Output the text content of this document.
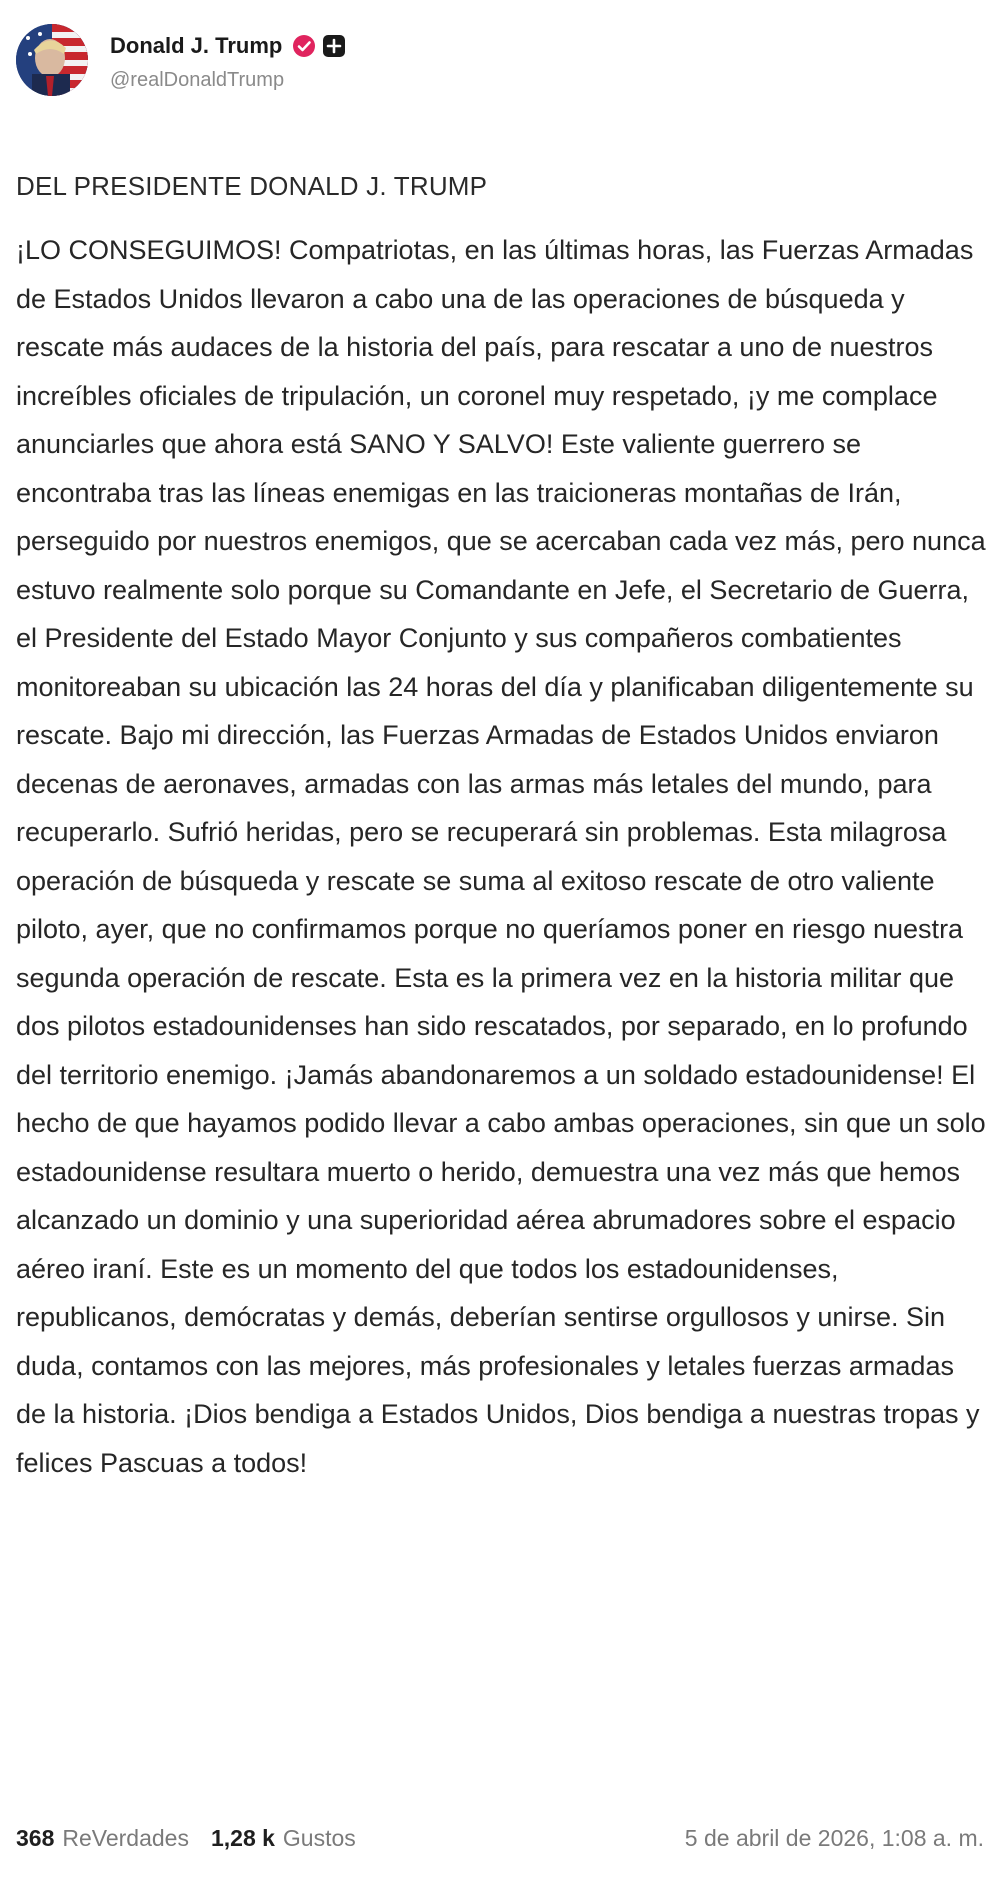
Donald J. Trump
@realDonaldTrump
DEL PRESIDENTE DONALD J. TRUMP
¡LO CONSEGUIMOS! Compatriotas, en las últimas horas, las Fuerzas Armadas de Estados Unidos llevaron a cabo una de las operaciones de búsqueda y rescate más audaces de la historia del país, para rescatar a uno de nuestros increíbles oficiales de tripulación, un coronel muy respetado, ¡y me complace anunciarles que ahora está SANO Y SALVO! Este valiente guerrero se encontraba tras las líneas enemigas en las traicioneras montañas de Irán, perseguido por nuestros enemigos, que se acercaban cada vez más, pero nunca estuvo realmente solo porque su Comandante en Jefe, el Secretario de Guerra, el Presidente del Estado Mayor Conjunto y sus compañeros combatientes monitoreaban su ubicación las 24 horas del día y planificaban diligentemente su rescate. Bajo mi dirección, las Fuerzas Armadas de Estados Unidos enviaron decenas de aeronaves, armadas con las armas más letales del mundo, para recuperarlo. Sufrió heridas, pero se recuperará sin problemas. Esta milagrosa operación de búsqueda y rescate se suma al exitoso rescate de otro valiente piloto, ayer, que no confirmamos porque no queríamos poner en riesgo nuestra segunda operación de rescate. Esta es la primera vez en la historia militar que dos pilotos estadounidenses han sido rescatados, por separado, en lo profundo del territorio enemigo. ¡Jamás abandonaremos a un soldado estadounidense! El hecho de que hayamos podido llevar a cabo ambas operaciones, sin que un solo estadounidense resultara muerto o herido, demuestra una vez más que hemos alcanzado un dominio y una superioridad aérea abrumadores sobre el espacio aéreo iraní. Este es un momento del que todos los estadounidenses, republicanos, demócratas y demás, deberían sentirse orgullosos y unirse. Sin duda, contamos con las mejores, más profesionales y letales fuerzas armadas de la historia. ¡Dios bendiga a Estados Unidos, Dios bendiga a nuestras tropas y felices Pascuas a todos!
368 ReVerdades 1,28 k Gustos	5 de abril de 2026, 1:08 a. m.
